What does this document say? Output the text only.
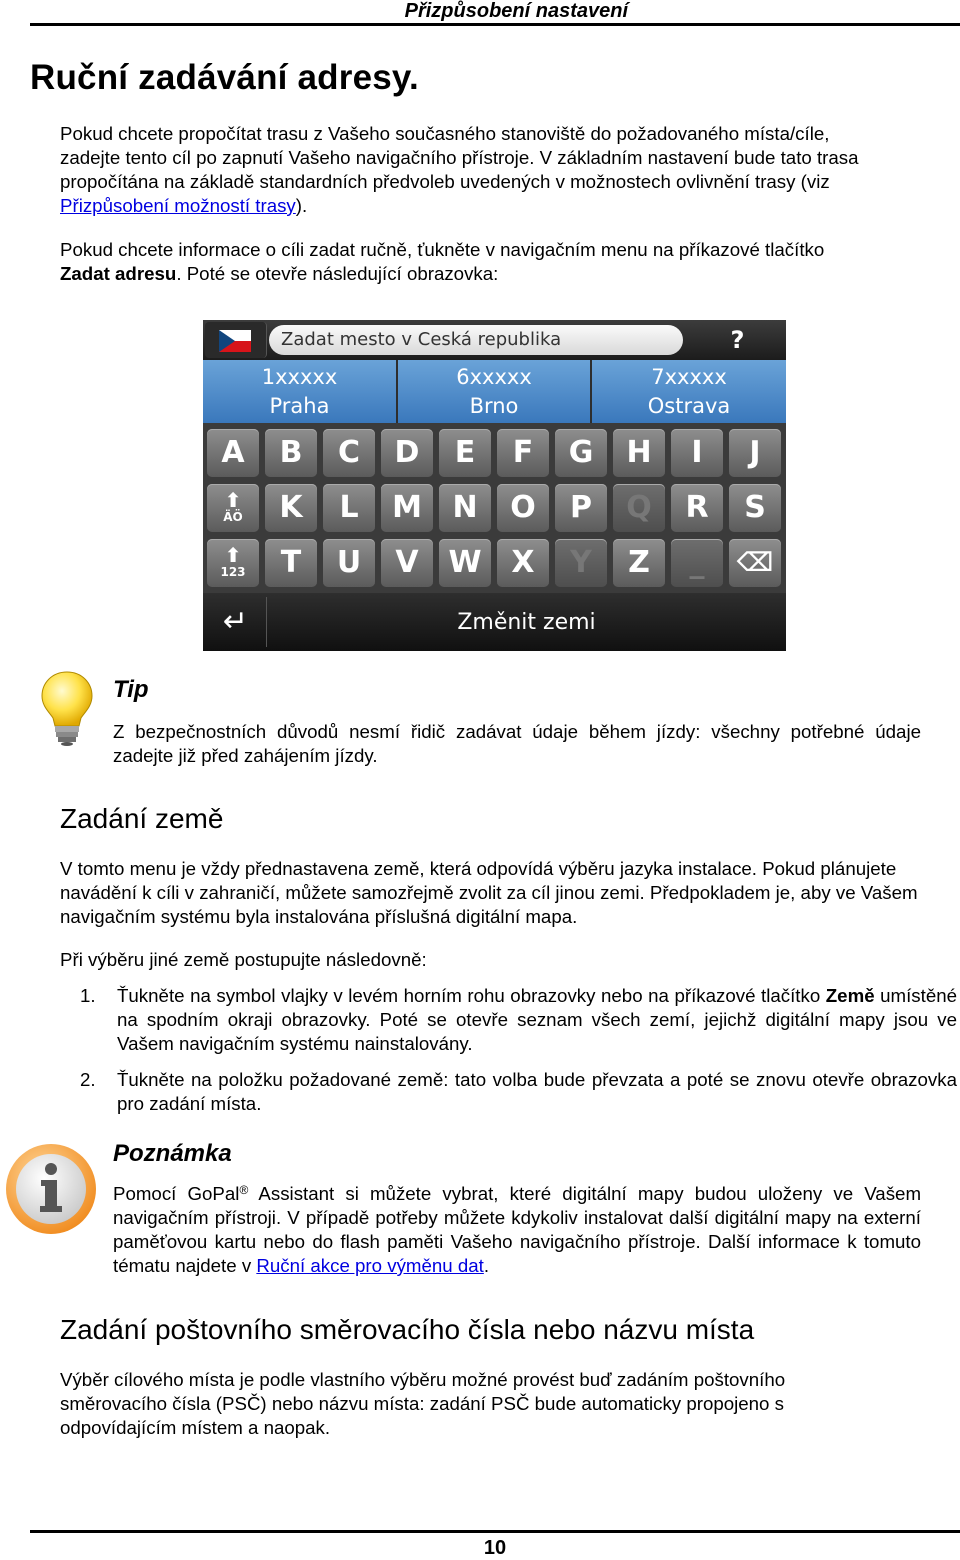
Přizpůsobení nastavení
Ruční zadávání adresy.
Pokud chcete propočítat trasu z Vašeho současného stanoviště do požadovaného místa/cíle,
zadejte tento cíl po zapnutí Vašeho navigačního přístroje. V základním nastavení bude tato trasa
propočítána na základě standardních předvoleb uvedených v možnostech ovlivnění trasy (viz
Přizpůsobení možností trasy).
Pokud chcete informace o cíli zadat ručně, ťukněte v navigačním menu na příkazové tlačítko
Zadat adresu. Poté se otevře následující obrazovka:
Zadat mesto v Ceská republika	?
1xxxxx
Praha
6xxxxx
Brno
7xxxxx
Ostrava
A	B	C	D	E	F	G	H	I	J
⬆
ÄÖ	K	L	M	N	O	P	Q	R	S
⬆
123	T	U	V W X	Y	Z	_	⌫
↵	Změnit zemi
Tip
Z bezpečnostních důvodů nesmí řidič zadávat údaje během jízdy: všechny potřebné údaje zadejte již před zahájením jízdy.
Zadání země
V tomto menu je vždy přednastavena země, která odpovídá výběru jazyka instalace. Pokud plánujete navádění k cíli v zahraničí, můžete samozřejmě zvolit za cíl jinou zemi. Předpokladem je, aby ve Vašem navigačním systému byla instalována příslušná digitální mapa.
Při výběru jiné země postupujte následovně:
1. Ťukněte na symbol vlajky v levém horním rohu obrazovky nebo na příkazové tlačítko Země umístěné na spodním okraji obrazovky. Poté se otevře seznam všech zemí, jejichž digitální mapy jsou ve Vašem navigačním systému nainstalovány.
2. Ťukněte na položku požadované země: tato volba bude převzata a poté se znovu otevře obrazovka pro zadání místa.
Poznámka
Pomocí GoPal® Assistant si můžete vybrat, které digitální mapy budou uloženy ve Vašem navigačním přístroji. V případě potřeby můžete kdykoliv instalovat další digitální mapy na externí paměťovou kartu nebo do flash paměti Vašeho navigačního přístroje. Další informace k tomuto tématu najdete v Ruční akce pro výměnu dat.
Zadání poštovního směrovacího čísla nebo názvu místa
Výběr cílového místa je podle vlastního výběru možné provést buď zadáním poštovního směrovacího čísla (PSČ) nebo názvu místa: zadání PSČ bude automaticky propojeno s odpovídajícím místem a naopak.
10
